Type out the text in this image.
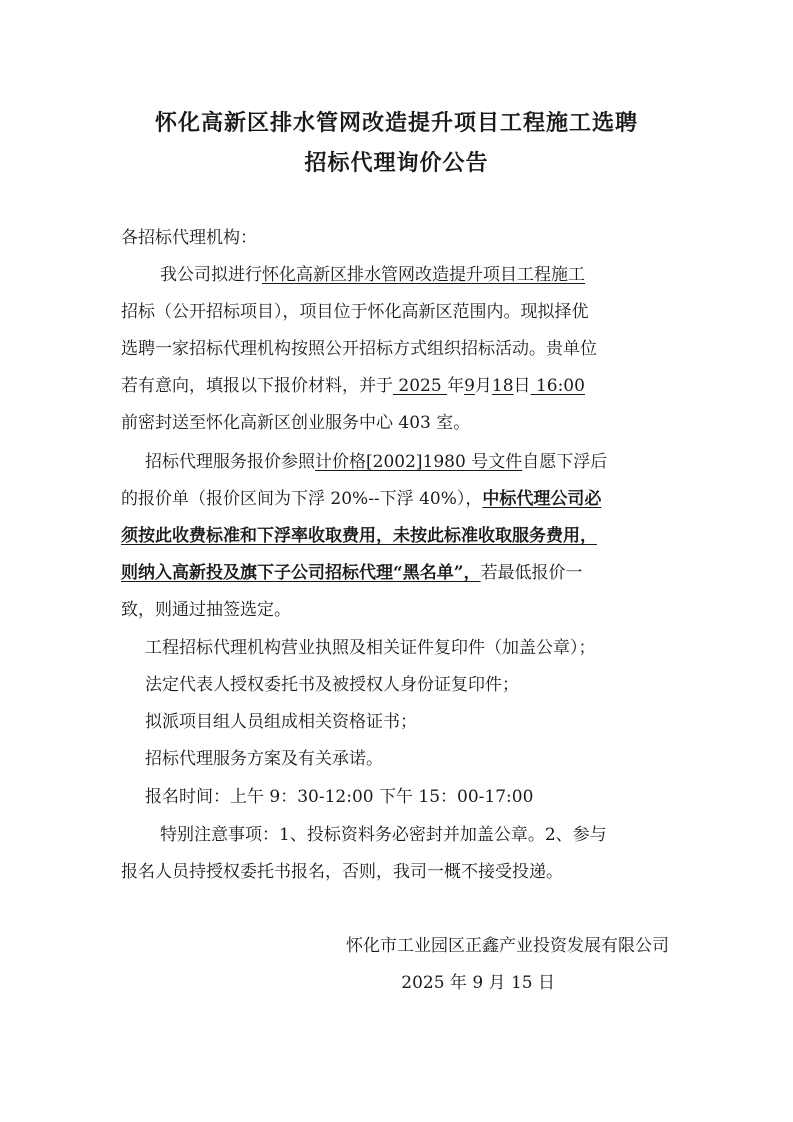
怀化高新区排水管网改造提升项目工程施工选聘
招标代理询价公告
各招标代理机构：
我公司拟进行怀化高新区排水管网改造提升项目工程施工
招标（公开招标项目），项目位于怀化高新区范围内。现拟择优
选聘一家招标代理机构按照公开招标方式组织招标活动。贵单位
若有意向，填报以下报价材料，并于 2025 年9月18日 16:00
前密封送至怀化高新区创业服务中心 403 室。
招标代理服务报价参照计价格[2002]1980 号文件自愿下浮后
的报价单（报价区间为下浮 20%--下浮 40%），中标代理公司必
须按此收费标准和下浮率收取费用，未按此标准收取服务费用，
则纳入高新投及旗下子公司招标代理“黑名单”，若最低报价一
致，则通过抽签选定。
工程招标代理机构营业执照及相关证件复印件（加盖公章）；
法定代表人授权委托书及被授权人身份证复印件；
拟派项目组人员组成相关资格证书；
招标代理服务方案及有关承诺。
报名时间：上午 9：30-12:00 下午 15：00-17:00
特别注意事项：1、投标资料务必密封并加盖公章。2、参与
报名人员持授权委托书报名，否则，我司一概不接受投递。
怀化市工业园区正鑫产业投资发展有限公司
2025 年 9 月 15 日
